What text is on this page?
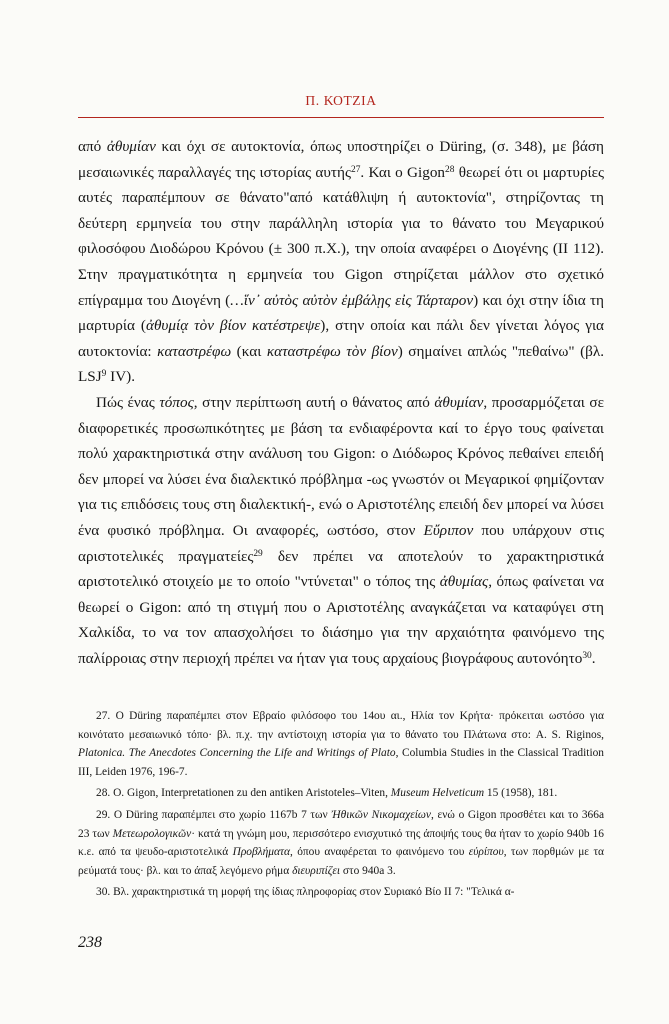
Π. ΚΟΤΖΙΑ

από ἀθυμίαν και όχι σε αυτοκτονία, όπως υποστηρίζει ο Düring, (σ. 348), με βάση μεσαιωνικές παραλλαγές της ιστορίας αυτής$^{27}$. Και ο Gigon$^{28}$ θεωρεί ότι οι μαρτυρίες αυτές παραπέμπουν σε θάνατο"από κατάθλιψη ή αυτοκτονία", στηρίζοντας τη δεύτερη ερμηνεία του στην παράλληλη ιστορία για το θάνατο του Μεγαρικού φιλοσόφου Διοδώρου Κρόνου (± 300 π.Χ.), την οποία αναφέρει ο Διογένης (ΙΙ 112). Στην πραγματικότητα η ερμηνεία του Gigon στηρίζεται μάλλον στο σχετικό επίγραμμα του Διογένη (…ἵν᾽ αὐτὸς αὐτὸν ἐμβάλῃς εἰς Τάρταρον) και όχι στην ίδια τη μαρτυρία (ἀθυμίᾳ τὸν βίον κατέστρεψε), στην οποία και πάλι δεν γίνεται λόγος για αυτοκτονία: καταστρέφω (και καταστρέφω τὸν βίον) σημαίνει απλώς "πεθαίνω" (βλ. LSJ$^9$ IV).

Πώς ένας τόπος, στην περίπτωση αυτή ο θάνατος από ἀθυμίαν, προσαρμόζεται σε διαφορετικές προσωπικότητες με βάση τα ενδιαφέροντα καί το έργο τους φαίνεται πολύ χαρακτηριστικά στην ανάλυση του Gigon: ο Διόδωρος Κρόνος πεθαίνει επειδή δεν μπορεί να λύσει ένα διαλεκτικό πρόβλημα -ως γνωστόν οι Μεγαρικοί φημίζονταν για τις επιδόσεις τους στη διαλεκτική-, ενώ ο Αριστοτέλης επειδή δεν μπορεί να λύσει ένα φυσικό πρόβλημα. Οι αναφορές, ωστόσο, στον Εὔριπον που υπάρχουν στις αριστοτελικές πραγματείες$^{29}$ δεν πρέπει να αποτελούν το χαρακτηριστικά αριστοτελικό στοιχείο με το οποίο "ντύνεται" ο τόπος της ἀθυμίας, όπως φαίνεται να θεωρεί ο Gigon: από τη στιγμή που ο Αριστοτέλης αναγκάζεται να καταφύγει στη Χαλκίδα, το να τον απασχολήσει το διάσημο για την αρχαιότητα φαινόμενο της παλίρροιας στην περιοχή πρέπει να ήταν για τους αρχαίους βιογράφους αυτονόητο$^{30}$.

27. Ο Düring παραπέμπει στον Εβραίο φιλόσοφο του 14ου αι., Ηλία τον Κρήτα· πρόκειται ωστόσο για κοινότατο μεσαιωνικό τόπο· βλ. π.χ. την αντίστοιχη ιστορία για το θάνατο του Πλάτωνα στο: A. S. Riginos, Platonica. The Anecdotes Concerning the Life and Writings of Plato, Columbia Studies in the Classical Tradition III, Leiden 1976, 196-7.

28. O. Gigon, Interpretationen zu den antiken Aristoteles–Viten, Museum Helveticum 15 (1958), 181.

29. Ο Düring παραπέμπει στο χωρίο 1167b 7 των Ἠθικῶν Νικομαχείων, ενώ ο Gigon προσθέτει και το 366a 23 των Μετεωρολογικῶν· κατά τη γνώμη μου, περισσότερο ενισχυτικό της άποψής τους θα ήταν το χωρίο 940b 16 κ.ε. από τα ψευδο-αριστοτελικά Προβλήματα, όπου αναφέρεται το φαινόμενο του εὐρίπου, των πορθμών με τα ρεύματά τους· βλ. και το άπαξ λεγόμενο ρήμα διευριπίζει στο 940a 3.

30. Βλ. χαρακτηριστικά τη μορφή της ίδιας πληροφορίας στον Συριακό Βίο ΙΙ 7: "Τελικά α-

238
